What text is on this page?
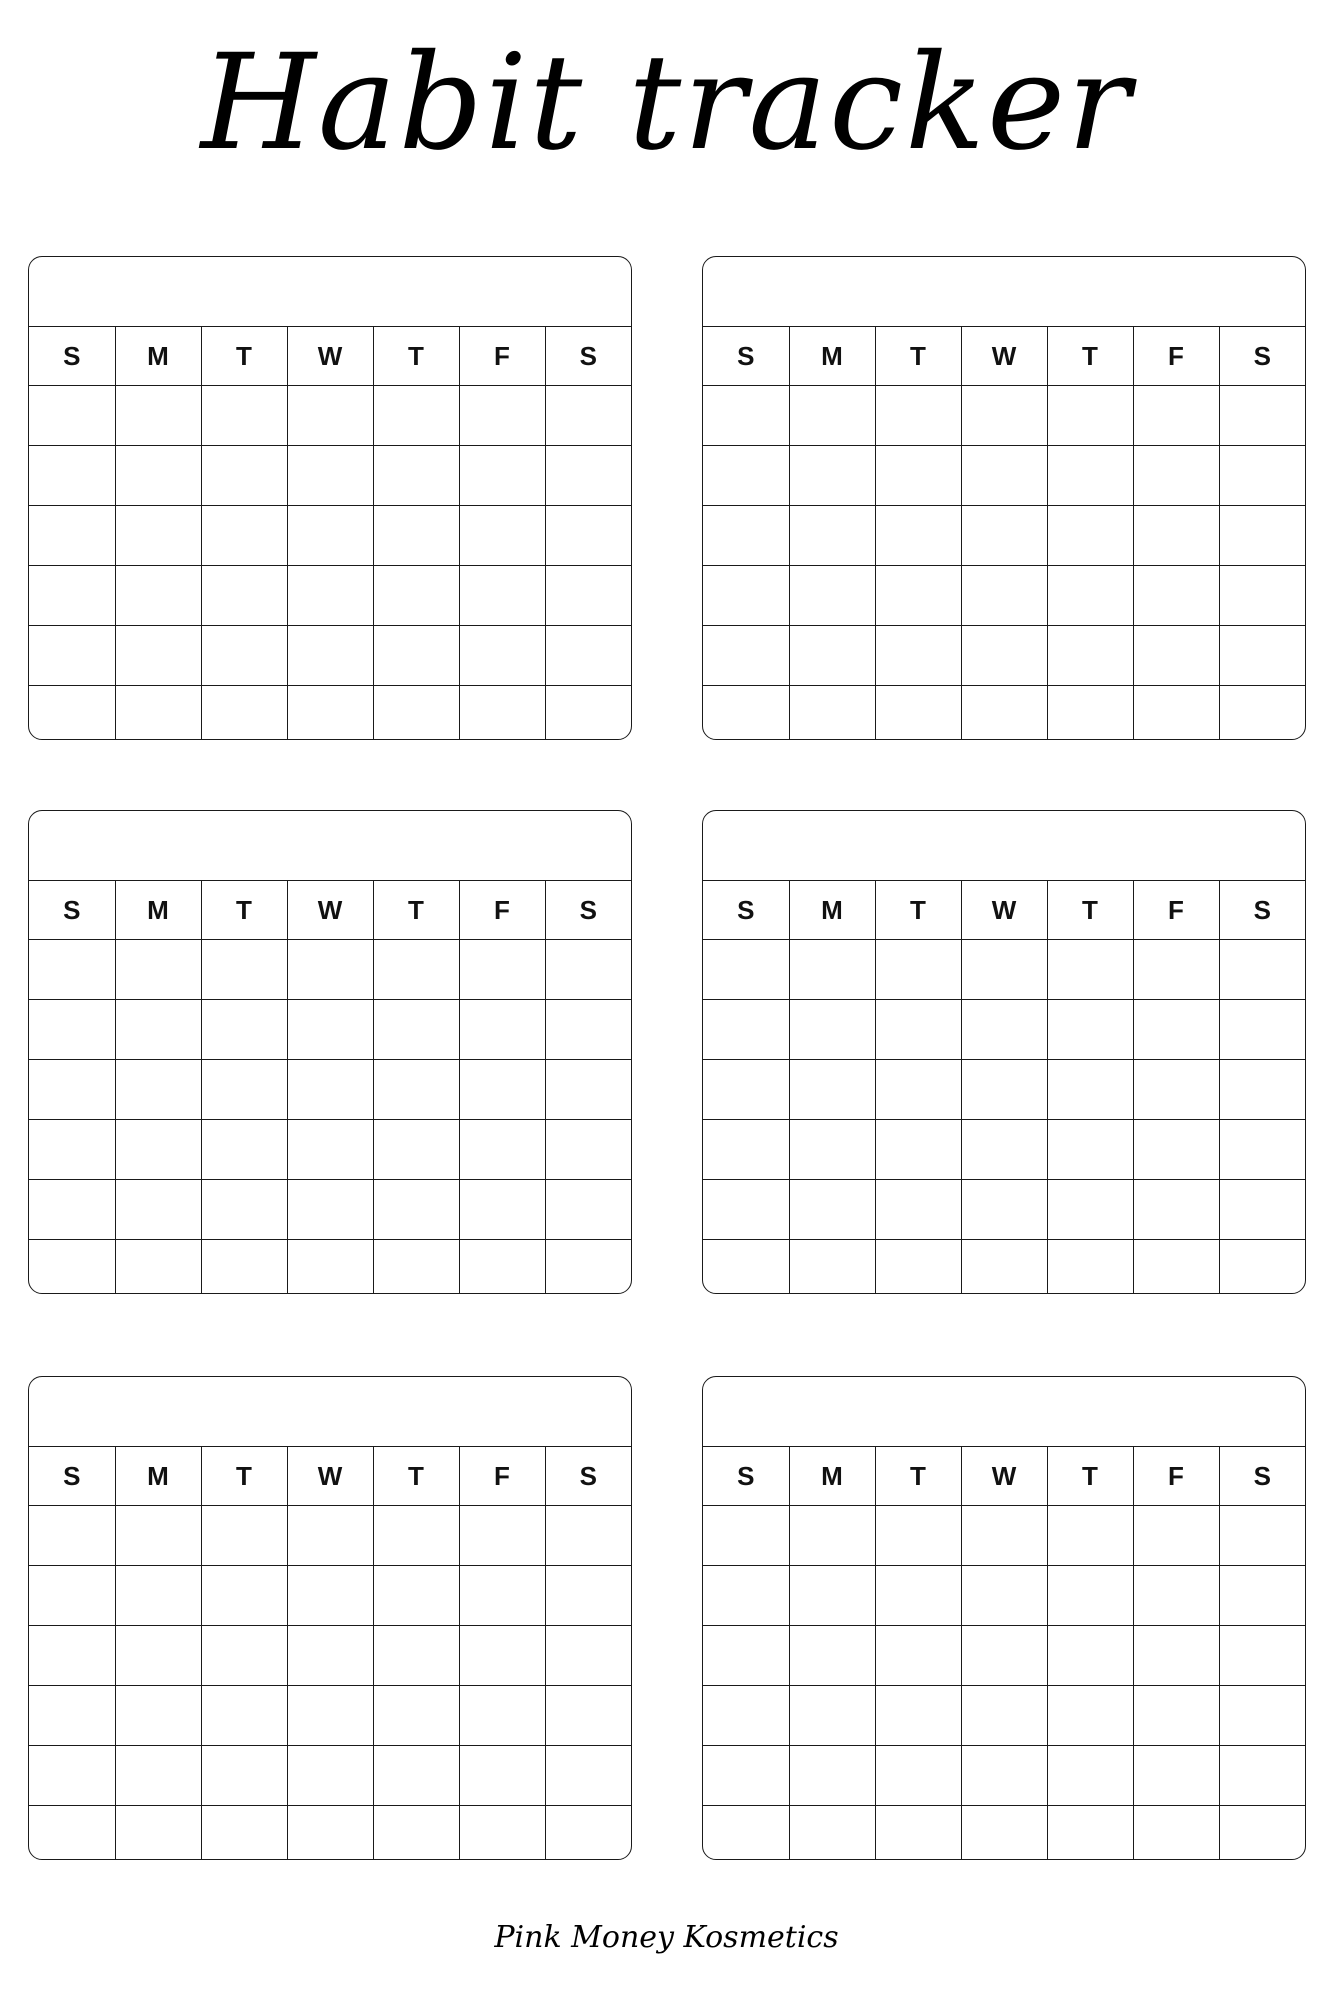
Habit tracker
S	M	T	W	T	F	S

							S	M	T	W	T	F	S

S	M	T	W	T	F	S

							S	M	T	W	T	F	S

S	M	T	W	T	F	S

							S	M	T	W	T	F	S

Pink Money Kosmetics
